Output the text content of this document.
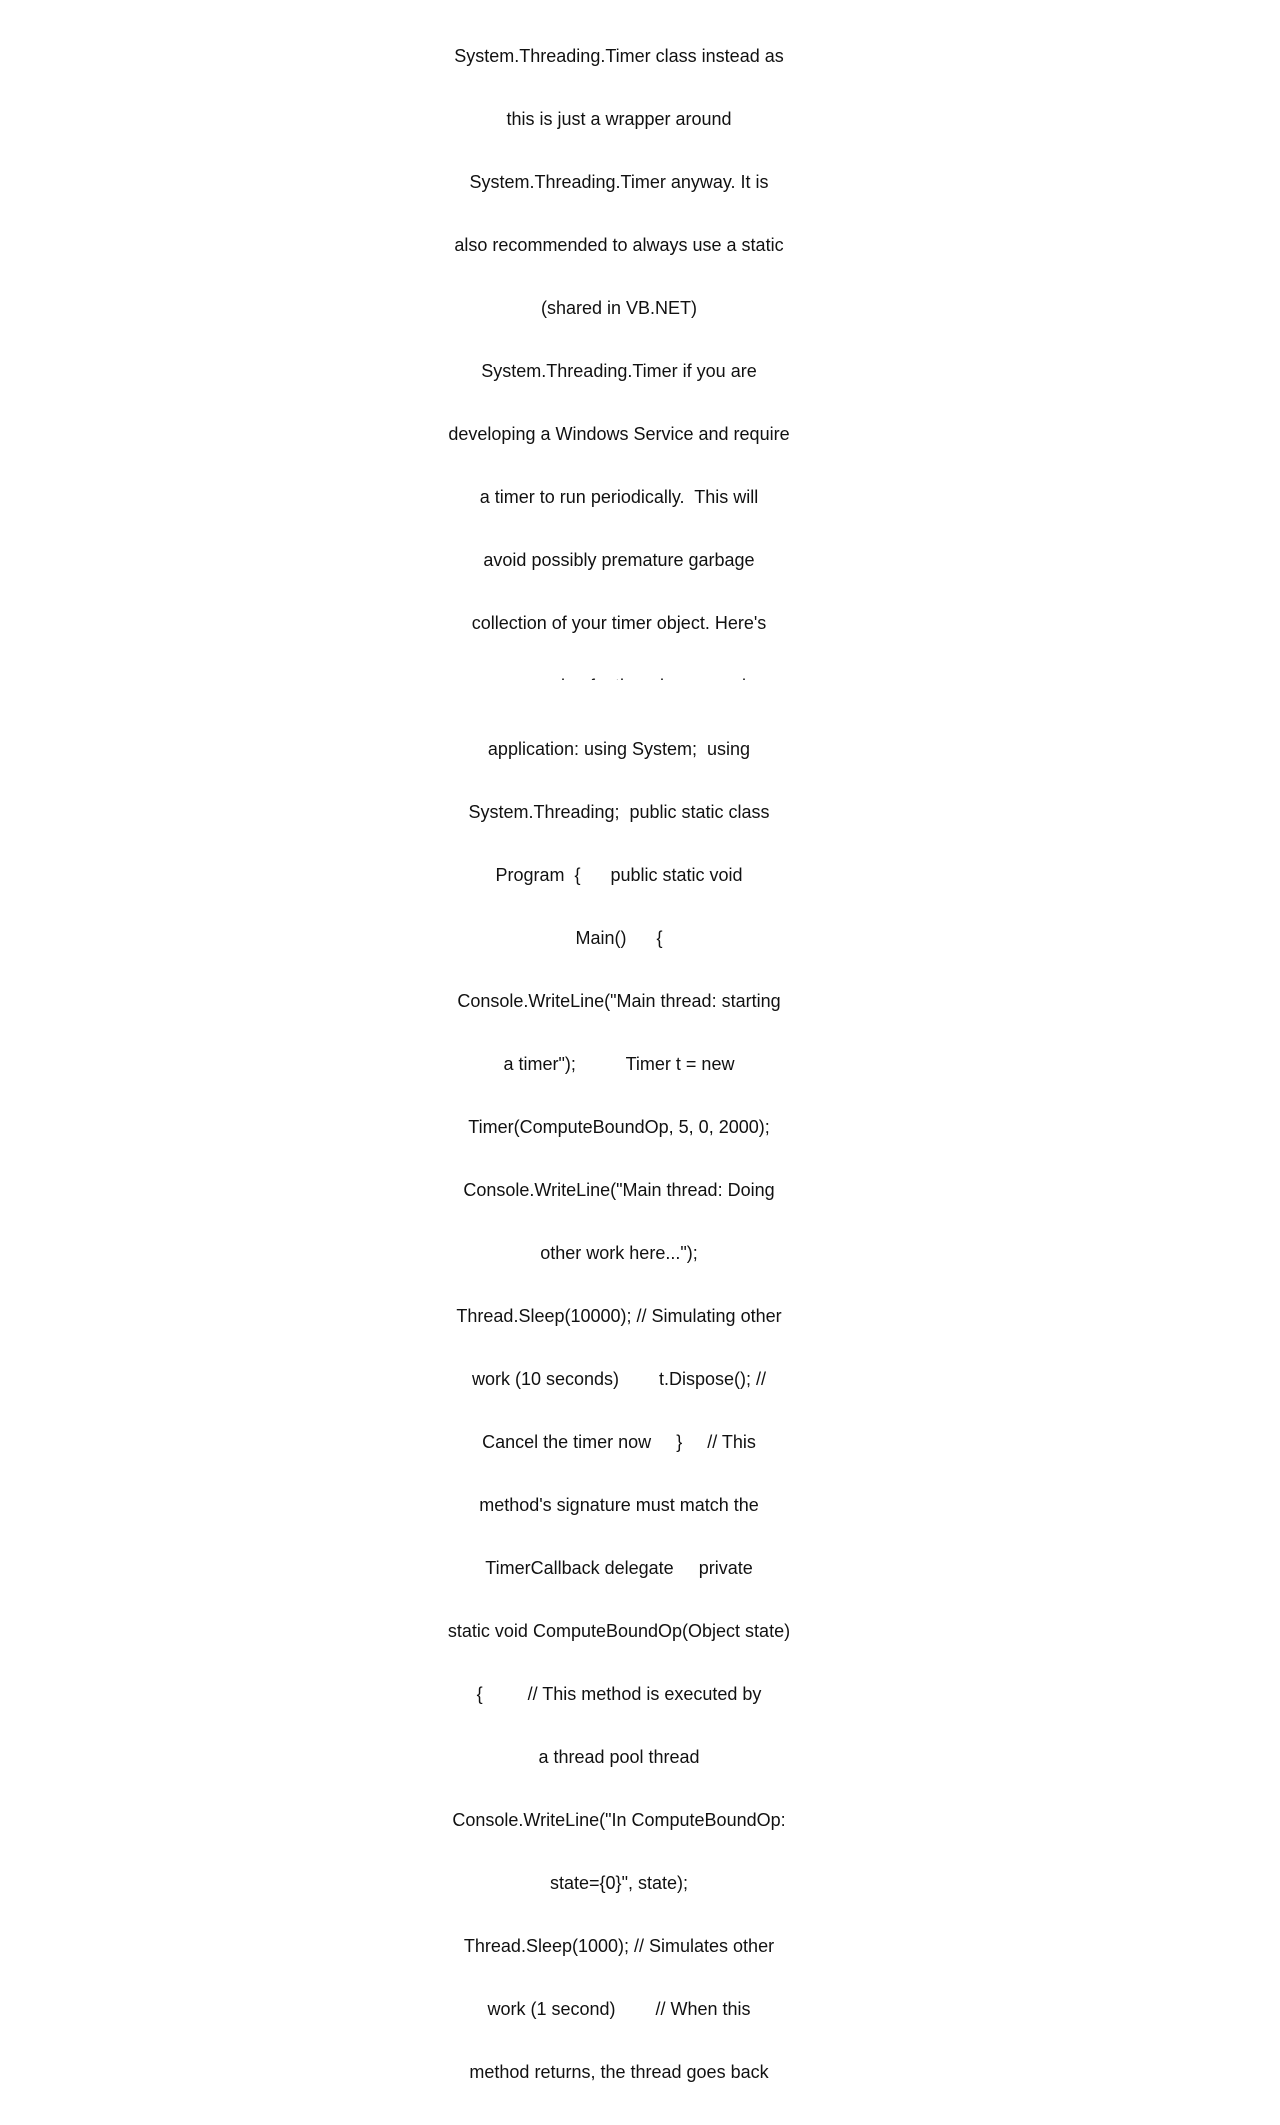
System.Threading.Timer class instead as

this is just a wrapper around

System.Threading.Timer anyway. It is

also recommended to always use a static

(shared in VB.NET)

System.Threading.Timer if you are

developing a Windows Service and require

a timer to run periodically.  This will

avoid possibly premature garbage

collection of your timer object. Here's

application: using System;  using

System.Threading;  public static class

Program  {      public static void

Main()      {

Console.WriteLine("Main thread: starting

a timer");          Timer t = new

Timer(ComputeBoundOp, 5, 0, 2000);

Console.WriteLine("Main thread: Doing

other work here...");

Thread.Sleep(10000); // Simulating other

work (10 seconds)        t.Dispose(); //

Cancel the timer now     }     // This

method's signature must match the

TimerCallback delegate     private

static void ComputeBoundOp(Object state)

{         // This method is executed by

a thread pool thread

Console.WriteLine("In ComputeBoundOp:

state={0}", state);

Thread.Sleep(1000); // Simulates other

work (1 second)        // When this

method returns, the thread goes back
